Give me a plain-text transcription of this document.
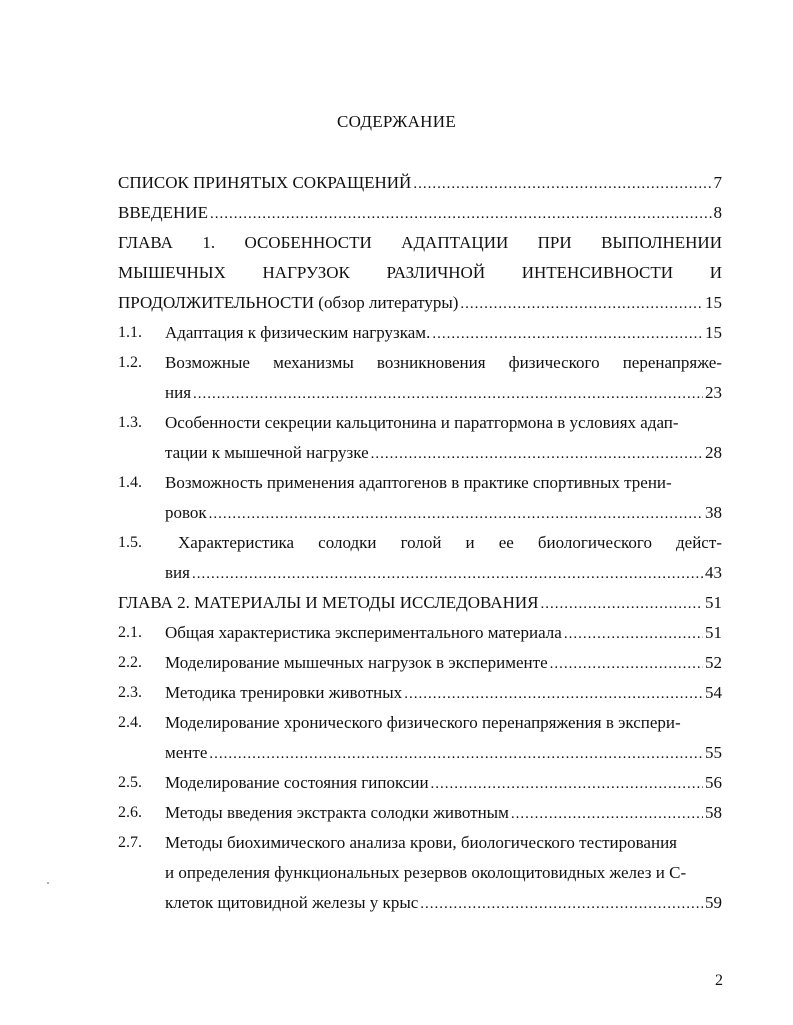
СОДЕРЖАНИЕ
СПИСОК ПРИНЯТЫХ СОКРАЩЕНИЙ .....	7
ВВЕДЕНИЕ .....	8
ГЛАВА 1. ОСОБЕННОСТИ АДАПТАЦИИ ПРИ ВЫПОЛНЕНИИ
МЫШЕЧНЫХ НАГРУЗОК РАЗЛИЧНОЙ ИНТЕНСИВНОСТИ И
ПРОДОЛЖИТЕЛЬНОСТИ (обзор литературы) .....	15
1.1.	Адаптация к физическим нагрузкам. .....	15
1.2.	Возможные механизмы возникновения физического перенапряже-
ния .....	23
1.3.	Особенности секреции кальцитонина и паратгормона в условиях адап-
тации к мышечной нагрузке .....	28
1.4.	Возможность применения адаптогенов в практике спортивных трени-
ровок .....	38
1.5.	Характеристика солодки голой и ее биологического дейст-
вия .....	43
ГЛАВА 2. МАТЕРИАЛЫ И МЕТОДЫ ИССЛЕДОВАНИЯ .....	51
2.1.	Общая характеристика экспериментального материала .....	51
2.2.	Моделирование мышечных нагрузок в эксперименте .....	52
2.3.	Методика тренировки животных .....	54
2.4.	Моделирование хронического физического перенапряжения в экспери-
менте .....	55
2.5.	Моделирование состояния гипоксии .....	56
2.6.	Методы введения экстракта солодки животным .....	58
2.7.	Методы биохимического анализа крови, биологического тестирования
и определения функциональных резервов околощитовидных желез и С-
клеток щитовидной железы у крыс .....	59
2
